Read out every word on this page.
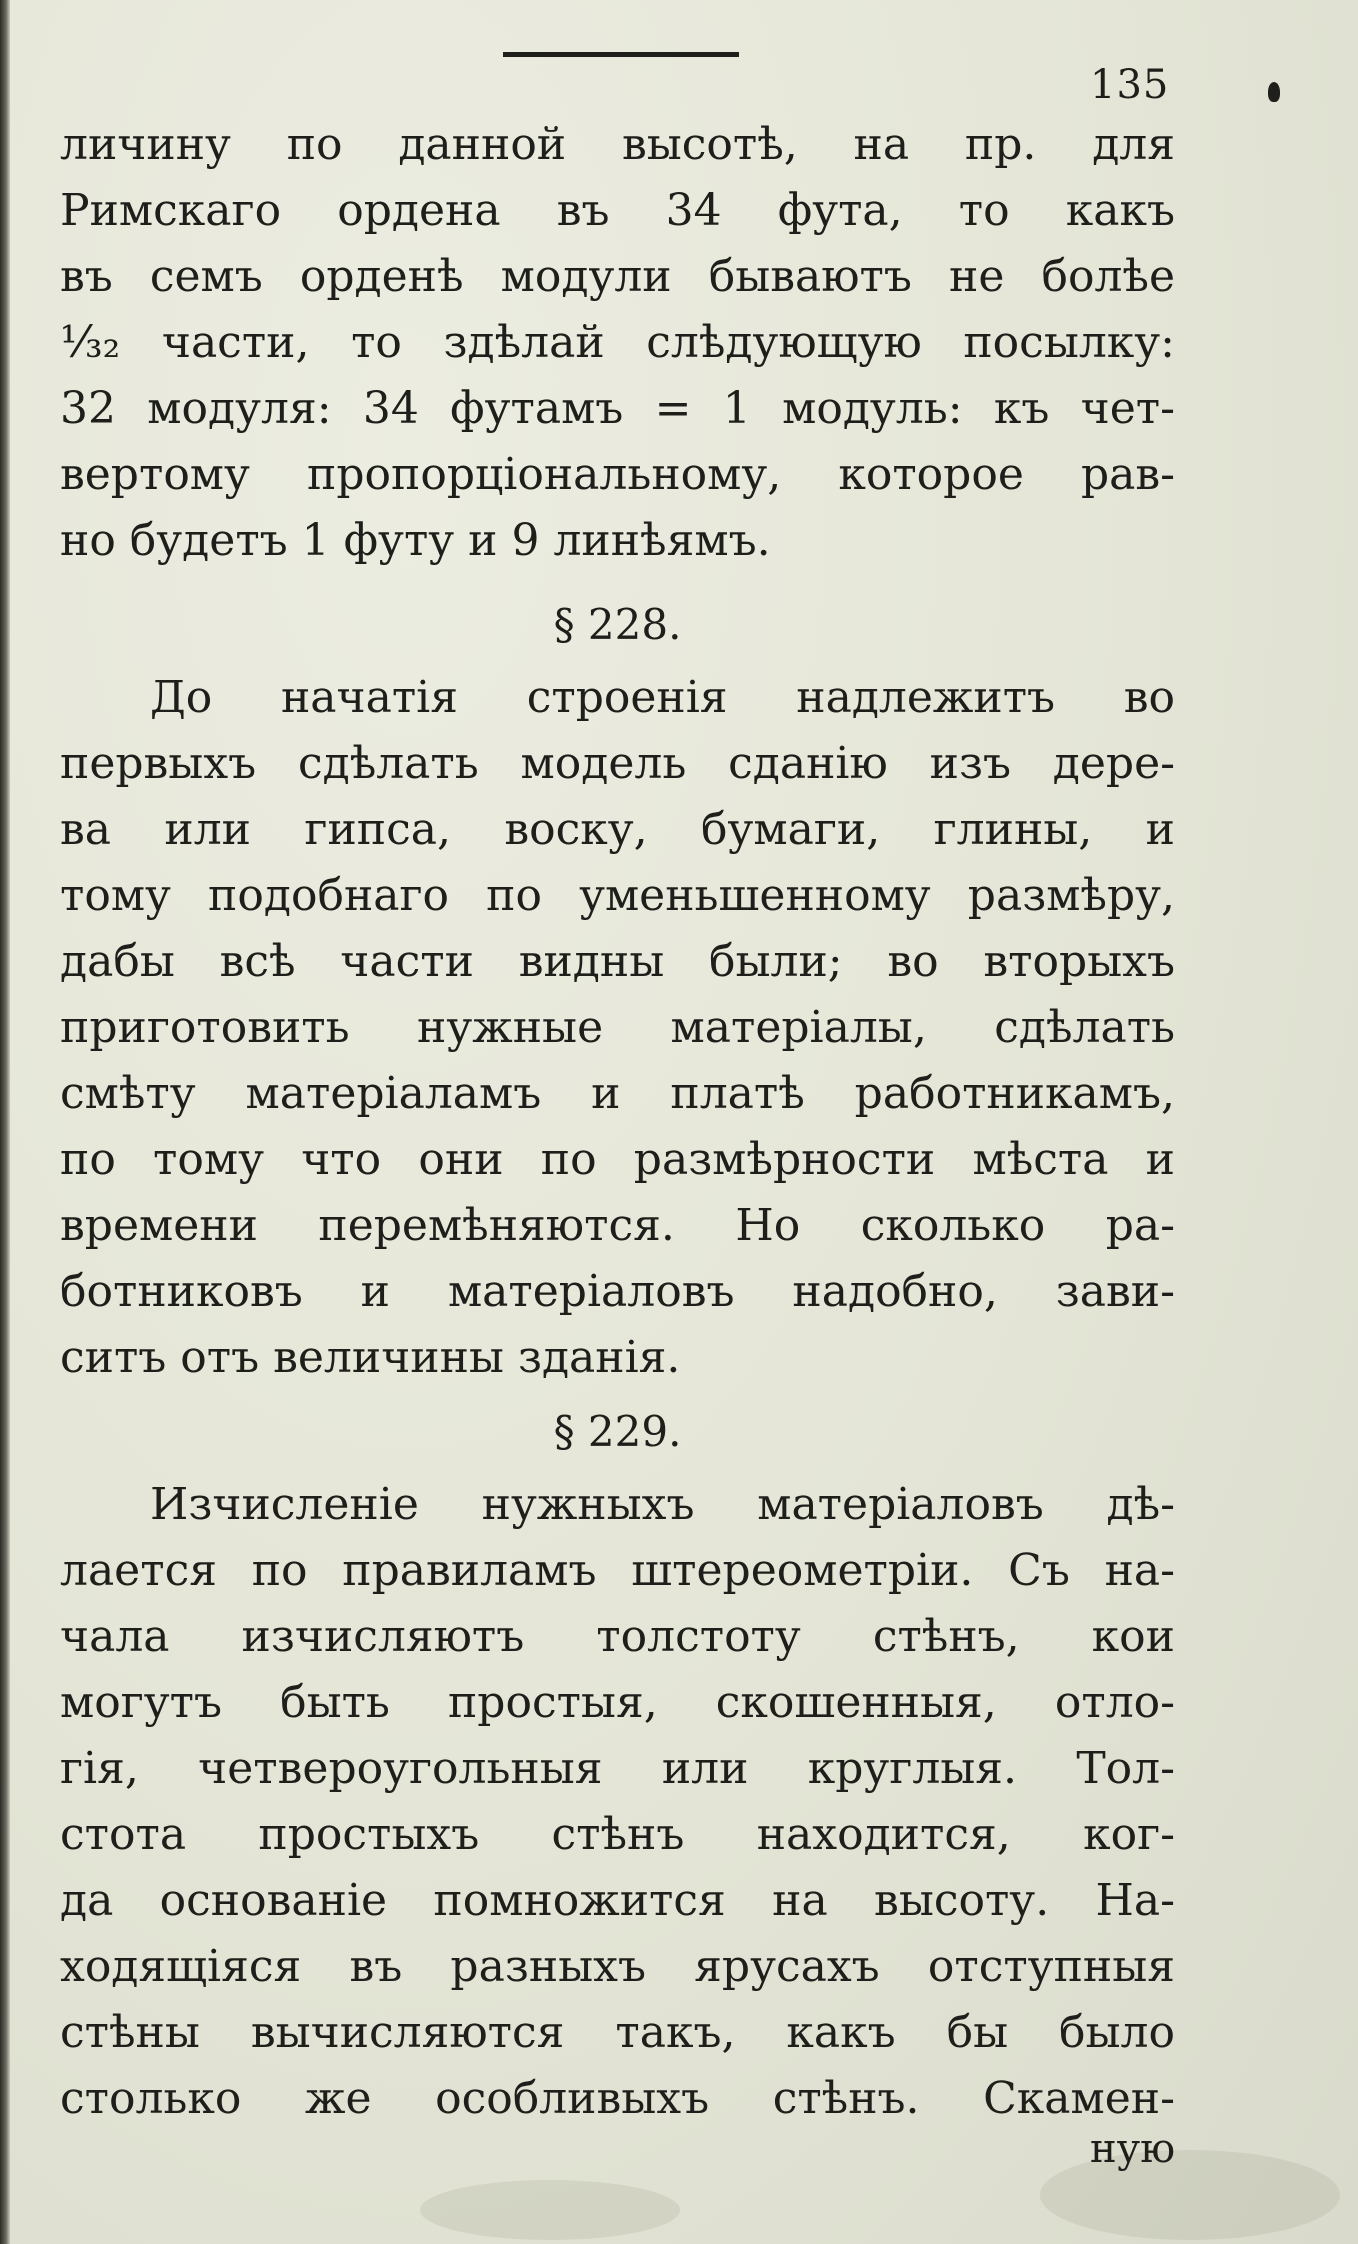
135
личину по данной высотѣ, на пр. для
Римскаго ордена въ 34 фута, то какъ
въ семъ орденѣ модули бываютъ не болѣе
¹⁄₃₂ части, то здѣлай слѣдующую посылку:
32 модуля: 34 футамъ = 1 модуль: къ чет-
вертому пропорціональному, которое рав-
но будетъ 1 футу и 9 линѣямъ.
§ 228.
До начатія строенія надлежитъ во
первыхъ сдѣлать модель сданію изъ дере-
ва или гипса, воску, бумаги, глины, и
тому подобнаго по уменьшенному размѣру,
дабы всѣ части видны были; во вторыхъ
приготовить нужные матеріалы, сдѣлать
смѣту матеріаламъ и платѣ работникамъ,
по тому что они по размѣрности мѣста и
времени перемѣняются. Но сколько ра-
ботниковъ и матеріаловъ надобно, зави-
ситъ отъ величины зданія.
§ 229.
Изчисленіе нужныхъ матеріаловъ дѣ-
лается по правиламъ штереометріи. Съ на-
чала изчисляютъ толстоту стѣнъ, кои
могутъ быть простыя, скошенныя, отло-
гія, четвероугольныя или круглыя. Тол-
стота простыхъ стѣнъ находится, ког-
да основаніе помножится на высоту. На-
ходящіяся въ разныхъ ярусахъ отступныя
стѣны вычисляются такъ, какъ бы было
столько же особливыхъ стѣнъ. Скамен-
ную
